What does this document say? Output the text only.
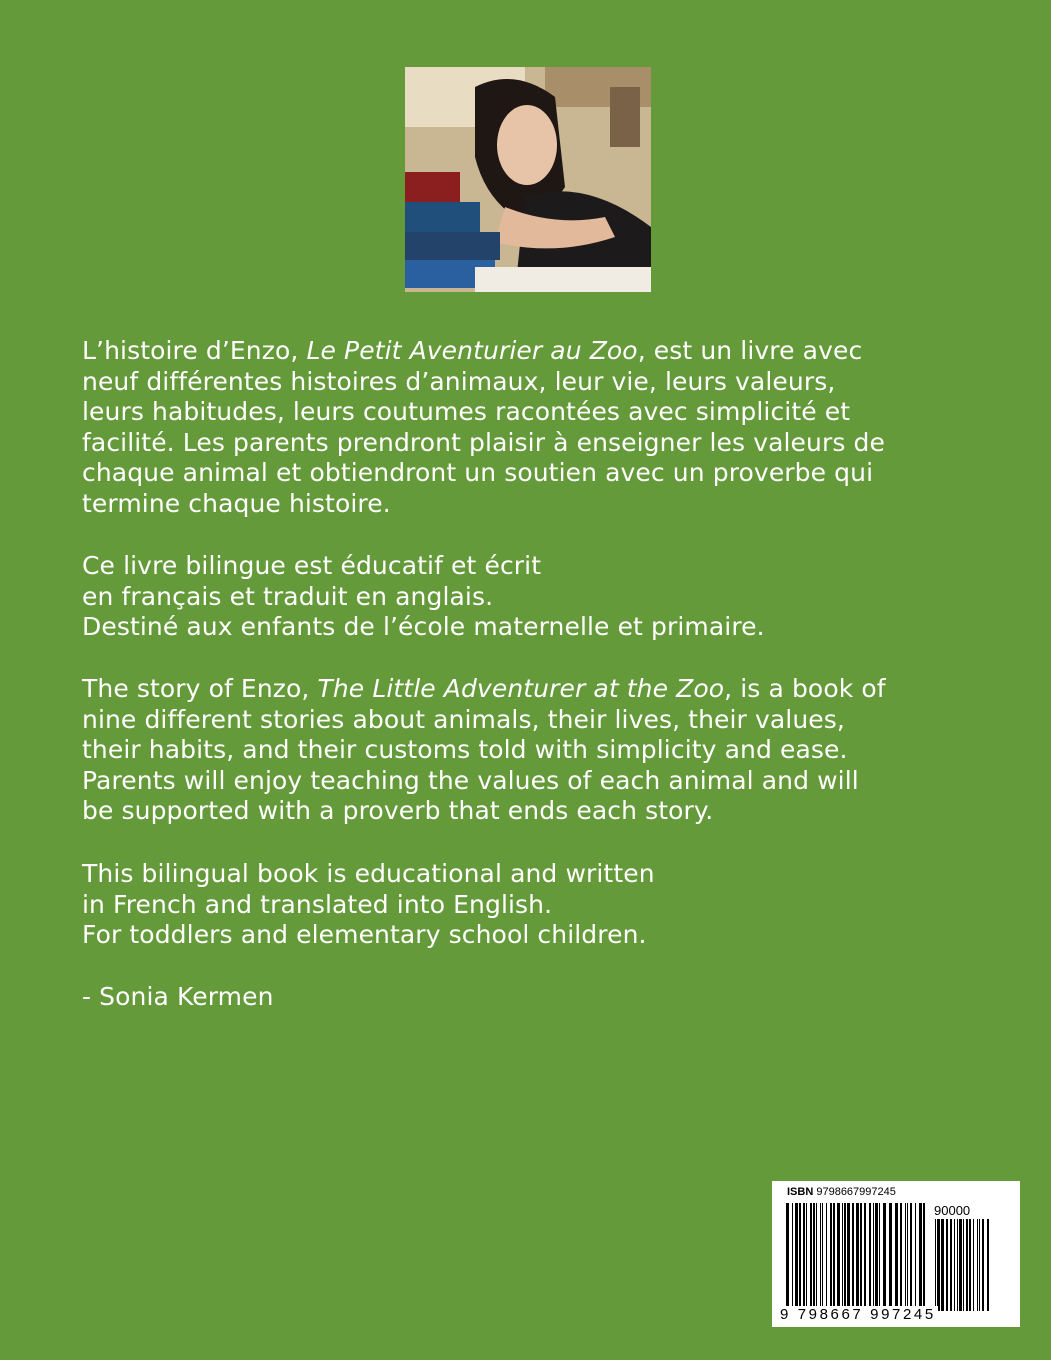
L’histoire d’Enzo, Le Petit Aventurier au Zoo, est un livre avec
neuf différentes histoires d’animaux, leur vie, leurs valeurs,
leurs habitudes, leurs coutumes racontées avec simplicité et
facilité. Les parents prendront plaisir à enseigner les valeurs de
chaque animal et obtiendront un soutien avec un proverbe qui
termine chaque histoire.
Ce livre bilingue est éducatif et écrit
en français et traduit en anglais.
Destiné aux enfants de l’école maternelle et primaire.
The story of Enzo, The Little Adventurer at the Zoo, is a book of
nine different stories about animals, their lives, their values,
their habits, and their customs told with simplicity and ease.
Parents will enjoy teaching the values of each animal and will
be supported with a proverb that ends each story.
This bilingual book is educational and written
in French and translated into English.
For toddlers and elementary school children.
- Sonia Kermen
ISBN 9798667997245
90000
9 798667 997245
